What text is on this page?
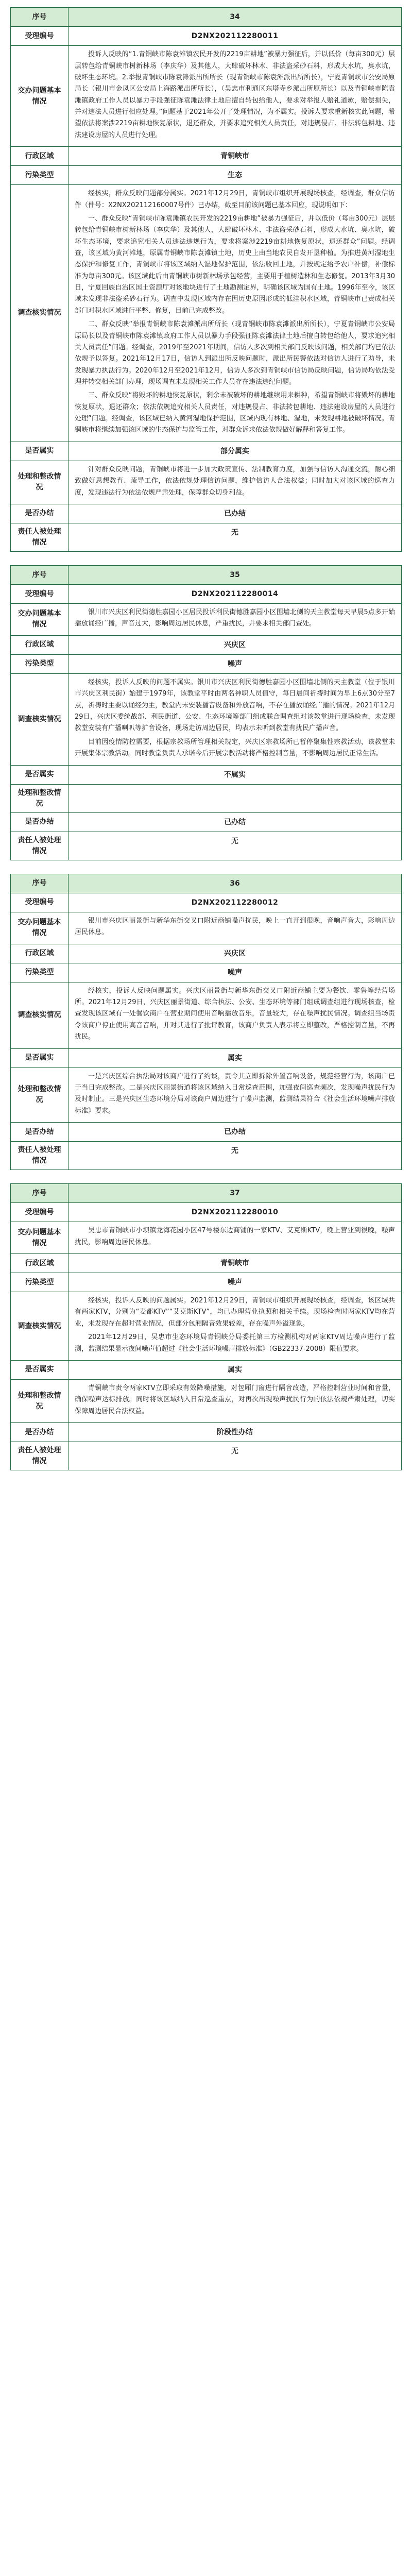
序号	34
受理编号	D2NX202112280011
交办问题基本情况

投诉人反映的“1.青铜峡市陈袁滩镇农民开发的2219亩耕地”被暴力强征后，并以低价（每亩300元）层层转包给青铜峡市树新林场（李庆华）及其他人，大肆破坏林木、非法盗采砂石料，形成大水坑，臭水坑，破坏生态环境。2.举报青铜峡市陈袁滩派出所所长（现青铜峡市陈袁滩派出所所长），宁夏青铜峡市公安局原局长（银川市金凤区公安局上海路派出所所长），（吴忠市利通区东塔寺乡派出所原所长）以及青铜峡市陈袁滩镇政府工作人员以暴力手段强征陈袁滩法律土地后擅自转包给他人，要求对举报人赔礼道歉，赔偿损失，并对违法人员进行相应处理。”问题基于2021年公开了处理情况，为不属实。投诉人要求重新核实此问题，希望依法将案涉2219亩耕地恢复原状，退还群众，并要求追究相关人员责任，对违规侵占、非法转包耕地、违法建设房屋的人员进行处理。

行政区域	青铜峡市
污染类型	生态
调查核实情况

经核实，群众反映问题部分属实。2021年12月29日，青铜峡市组织开展现场核查，经调查，群众信访件（件号：X2NX202112160007号件）已办结，截至目前该问题已基本回应，现说明如下：

一、群众反映“青铜峡市陈袁滩镇农民开发的2219亩耕地”被暴力强征后，并以低价（每亩300元）层层转包给青铜峡市树新林场（李庆华）及其他人，大肆破坏林木、非法盗采砂石料，形成大水坑、臭水坑，破坏生态环境，要求追究相关人员违法违规行为，要求将案涉2219亩耕地恢复原状，退还群众”问题。经调查，该区域为黄河滩地，原属青铜峡市陈袁滩镇土地，历史上由当地农民自发开垦种植。为推进黄河湿地生态保护和修复工作，青铜峡市将该区域纳入湿地保护范围，依法收回土地，并按规定给予农户补偿，补偿标准为每亩300元。该区域此后由青铜峡市树新林场承包经营，主要用于植树造林和生态修复。2013年3月30日，宁夏回族自治区国土资源厅对该地块进行了土地勘测定界，明确该区域为国有土地。1996年至今，该区域未发现非法盗采砂石行为。调查中发现区域内存在因历史原因形成的低洼积水区域，青铜峡市已责成相关部门对积水区域进行平整、修复，目前已完成整改。

二、群众反映“举报青铜峡市陈袁滩派出所所长（现青铜峡市陈袁滩派出所所长），宁夏青铜峡市公安局原局长以及青铜峡市陈袁滩镇政府工作人员以暴力手段强征陈袁滩法律土地后擅自转包给他人，要求追究相关人员责任”问题。经调查，2019年至2021年期间，信访人多次到相关部门反映该问题，相关部门均已依法依规予以答复。2021年12月17日，信访人到派出所反映问题时，派出所民警依法对信访人进行了劝导，未发现暴力执法行为。2020年12月至2021年12月，信访人多次到青铜峡市信访局反映问题，信访局均依法受理并转交相关部门办理，现场调查未发现相关工作人员存在违法违纪问题。

三、群众反映“将毁坏的耕地恢复原状，剩余未被破坏的耕地继续用来耕种，希望青铜峡市将毁坏的耕地恢复原状，退还群众；依法依规追究相关人员责任，对违规侵占、非法转包耕地、违法建设房屋的人员进行处理”问题。经调查，该区域已纳入黄河湿地保护范围，区域内现有林地、湿地，未发现耕地被破坏情况。青铜峡市将继续加强该区域的生态保护与监管工作，对群众诉求依法依规做好解释和答复工作。

是否属实	部分属实
处理和整改情况

针对群众反映问题，青铜峡市将进一步加大政策宣传、法制教育力度，加强与信访人沟通交流，耐心细致做好思想教育、疏导工作，依法依规处理信访问题，维护信访人合法权益；同时加大对该区域的巡查力度，发现违法行为依法依规严肃处理，保障群众切身利益。

是否办结	已办结
责任人被处理情况
无
序号	35
受理编号	D2NX202112280014
交办问题基本情况

银川市兴庆区利民街德胜嘉园小区居民投诉利民街德胜嘉园小区围墙北侧的天主教堂每天早晨5点多开始播放诵经广播，声音过大，影响周边居民休息，严重扰民，并要求相关部门查处。

行政区域	兴庆区
污染类型	噪声
调查核实情况

经核实，投诉人反映的问题不属实。银川市兴庆区利民街德胜嘉园小区围墙北侧的天主教堂（位于银川市兴庆区利民街）始建于1979年，该教堂平时由两名神职人员值守，每日晨间祈祷时间为早上6点30分至7点，祈祷时主要以诵经为主，教堂内未安装播音设备和外放音响，不存在播放诵经广播的情况。2021年12月29日，兴庆区委统战部、利民街道、公安、生态环境等部门组成联合调查组对该教堂进行现场检查，未发现教堂安装有广播喇叭等扩音设备，现场走访周边居民，均表示未听到教堂有扰民广播声音。

目前因疫情防控需要，根据宗教场所管理相关规定，兴庆区宗教场所已暂停聚集性宗教活动，该教堂未开展集体宗教活动。同时教堂负责人承诺今后开展宗教活动将严格控制音量，不影响周边居民正常生活。

是否属实	不属实
处理和整改情况
是否办结	已办结
责任人被处理情况
无
序号	36
受理编号	D2NX202112280012
交办问题基本情况

银川市兴庆区丽景街与新华东街交叉口附近商铺噪声扰民，晚上一直开到很晚，音响声音大，影响周边居民休息。

行政区域	兴庆区
污染类型	噪声
调查核实情况

经核实，投诉人反映问题属实。兴庆区丽景街与新华东街交叉口附近商铺主要为餐饮、零售等经营场所。2021年12月29日，兴庆区丽景街道、综合执法、公安、生态环境等部门组成调查组进行现场核查，检查发现该区域有一处餐饮商户在营业期间使用音响播放音乐，音量较大，存在噪声扰民情况。调查组当场责令该商户停止使用高音音响，并对其进行了批评教育，该商户负责人表示将立即整改，严格控制音量，不再扰民。

是否属实	属实
处理和整改情况

一是兴庆区综合执法局对该商户进行了约谈，责令其立即拆除外置音响设备，规范经营行为，该商户已于当日完成整改。二是兴庆区丽景街道将该区域纳入日常巡查范围，加强夜间巡查频次，发现噪声扰民行为及时制止。三是兴庆区生态环境分局对该商户周边进行了噪声监测，监测结果符合《社会生活环境噪声排放标准》要求。

是否办结	已办结
责任人被处理情况
无
序号	37
受理编号	D2NX202112280010
交办问题基本情况

吴忠市青铜峡市小坝镇龙海花园小区47号楼东边商铺的一家KTV、艾克斯KTV，晚上营业到很晚，噪声扰民，影响周边居民休息。

行政区域	青铜峡市
污染类型	噪声
调查核实情况

经核实，投诉人反映的问题属实。2021年12月29日，青铜峡市组织开展现场核查，经调查，该区域共有两家KTV，分别为“麦都KTV”“艾克斯KTV”，均已办理营业执照和相关手续。现场检查时两家KTV均在营业，未发现存在超时营业情况，但部分包厢隔音效果较差，存在噪声外溢现象。

2021年12月29日，吴忠市生态环境局青铜峡分局委托第三方检测机构对两家KTV周边噪声进行了监测，监测结果显示夜间噪声值超过《社会生活环境噪声排放标准》（GB22337-2008）限值要求。

是否属实	属实
处理和整改情况

青铜峡市责令两家KTV立即采取有效降噪措施，对包厢门窗进行隔音改造，严格控制营业时间和音量，确保噪声达标排放。同时将该区域纳入日常巡查重点，对再次出现噪声扰民行为的依法依规严肃处理，切实保障周边居民合法权益。

是否办结	阶段性办结
责任人被处理情况
无
